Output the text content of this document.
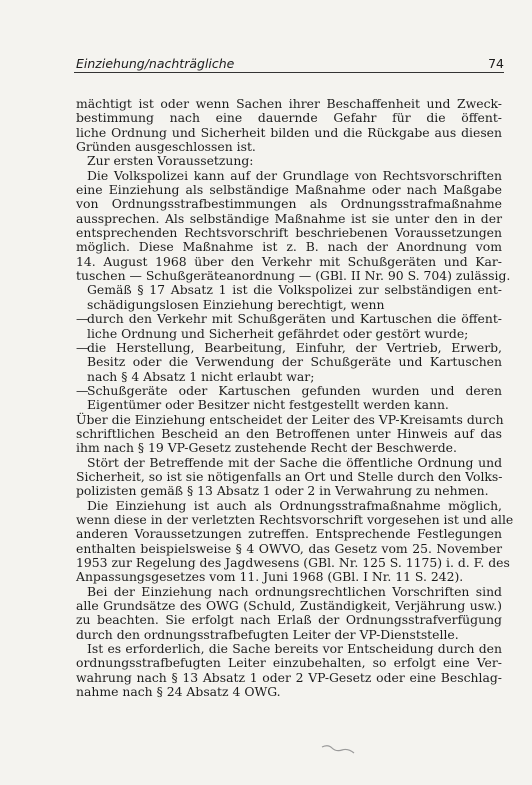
Einziehung/nachträgliche	74
mächtigt ist oder wenn Sachen ihrer Beschaffenheit und Zweck-
bestimmung nach eine dauernde Gefahr für die öffent-
liche Ordnung und Sicherheit bilden und die Rückgabe aus diesen
Gründen ausgeschlossen ist.
Zur ersten Voraussetzung:
Die Volkspolizei kann auf der Grundlage von Rechtsvorschriften
eine Einziehung als selbständige Maßnahme oder nach Maßgabe
von Ordnungsstrafbestimmungen als Ordnungsstrafmaßnahme
aussprechen. Als selbständige Maßnahme ist sie unter den in der
entsprechenden Rechtsvorschrift beschriebenen Voraussetzungen
möglich. Diese Maßnahme ist z. B. nach der Anordnung vom
14. August 1968 über den Verkehr mit Schußgeräten und Kar-
tuschen — Schußgeräteanordnung — (GBl. II Nr. 90 S. 704) zulässig.
Gemäß § 17 Absatz 1 ist die Volkspolizei zur selbständigen ent-
schädigungslosen Einziehung berechtigt, wenn
—
durch den Verkehr mit Schußgeräten und Kartuschen die öffent-
liche Ordnung und Sicherheit gefährdet oder gestört wurde;
—
die Herstellung, Bearbeitung, Einfuhr, der Vertrieb, Erwerb,
Besitz oder die Verwendung der Schußgeräte und Kartuschen
nach § 4 Absatz 1 nicht erlaubt war;
—
Schußgeräte oder Kartuschen gefunden wurden und deren
Eigentümer oder Besitzer nicht festgestellt werden kann.
Über die Einziehung entscheidet der Leiter des VP-Kreisamts durch
schriftlichen Bescheid an den Betroffenen unter Hinweis auf das
ihm nach § 19 VP-Gesetz zustehende Recht der Beschwerde.
Stört der Betreffende mit der Sache die öffentliche Ordnung und
Sicherheit, so ist sie nötigenfalls an Ort und Stelle durch den Volks-
polizisten gemäß § 13 Absatz 1 oder 2 in Verwahrung zu nehmen.
Die Einziehung ist auch als Ordnungsstrafmaßnahme möglich,
wenn diese in der verletzten Rechtsvorschrift vorgesehen ist und alle
anderen Voraussetzungen zutreffen. Entsprechende Festlegungen
enthalten beispielsweise § 4 OWVO, das Gesetz vom 25. November
1953 zur Regelung des Jagdwesens (GBl. Nr. 125 S. 1175) i. d. F. des
Anpassungsgesetzes vom 11. Juni 1968 (GBl. I Nr. 11 S. 242).
Bei der Einziehung nach ordnungsrechtlichen Vorschriften sind
alle Grundsätze des OWG (Schuld, Zuständigkeit, Verjährung usw.)
zu beachten. Sie erfolgt nach Erlaß der Ordnungsstrafverfügung
durch den ordnungsstrafbefugten Leiter der VP-Dienststelle.
Ist es erforderlich, die Sache bereits vor Entscheidung durch den
ordnungsstrafbefugten Leiter einzubehalten, so erfolgt eine Ver-
wahrung nach § 13 Absatz 1 oder 2 VP-Gesetz oder eine Beschlag-
nahme nach § 24 Absatz 4 OWG.
